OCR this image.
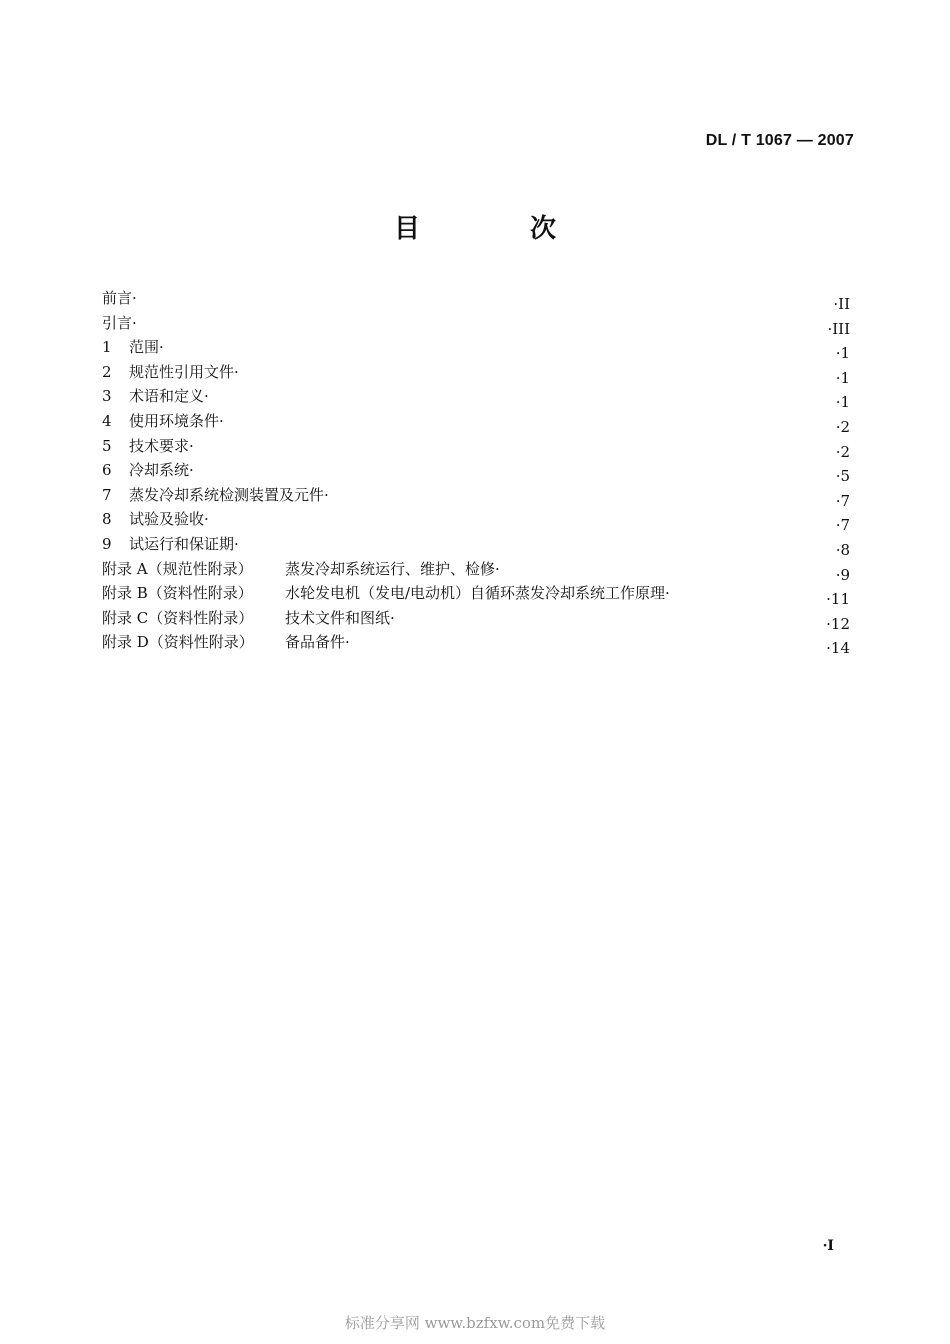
DL / T 1067 — 2007
目　次
前言·	·II
引言·	·III
1 范围·	·1
2 规范性引用文件·	·1
3 术语和定义·	·1
4 使用环境条件·	·2
5 技术要求·	·2
6 冷却系统·	·5
7 蒸发冷却系统检测装置及元件·	·7
8 试验及验收·	·7
9 试运行和保证期·	·8
附录 A（规范性附录） 蒸发冷却系统运行、维护、检修·	·9
附录 B（资料性附录） 水轮发电机（发电/电动机）自循环蒸发冷却系统工作原理·	·11
附录 C（资料性附录） 技术文件和图纸·	·12
附录 D（资料性附录） 备品备件·	·14
·I
标准分享网 www.bzfxw.com免费下载
